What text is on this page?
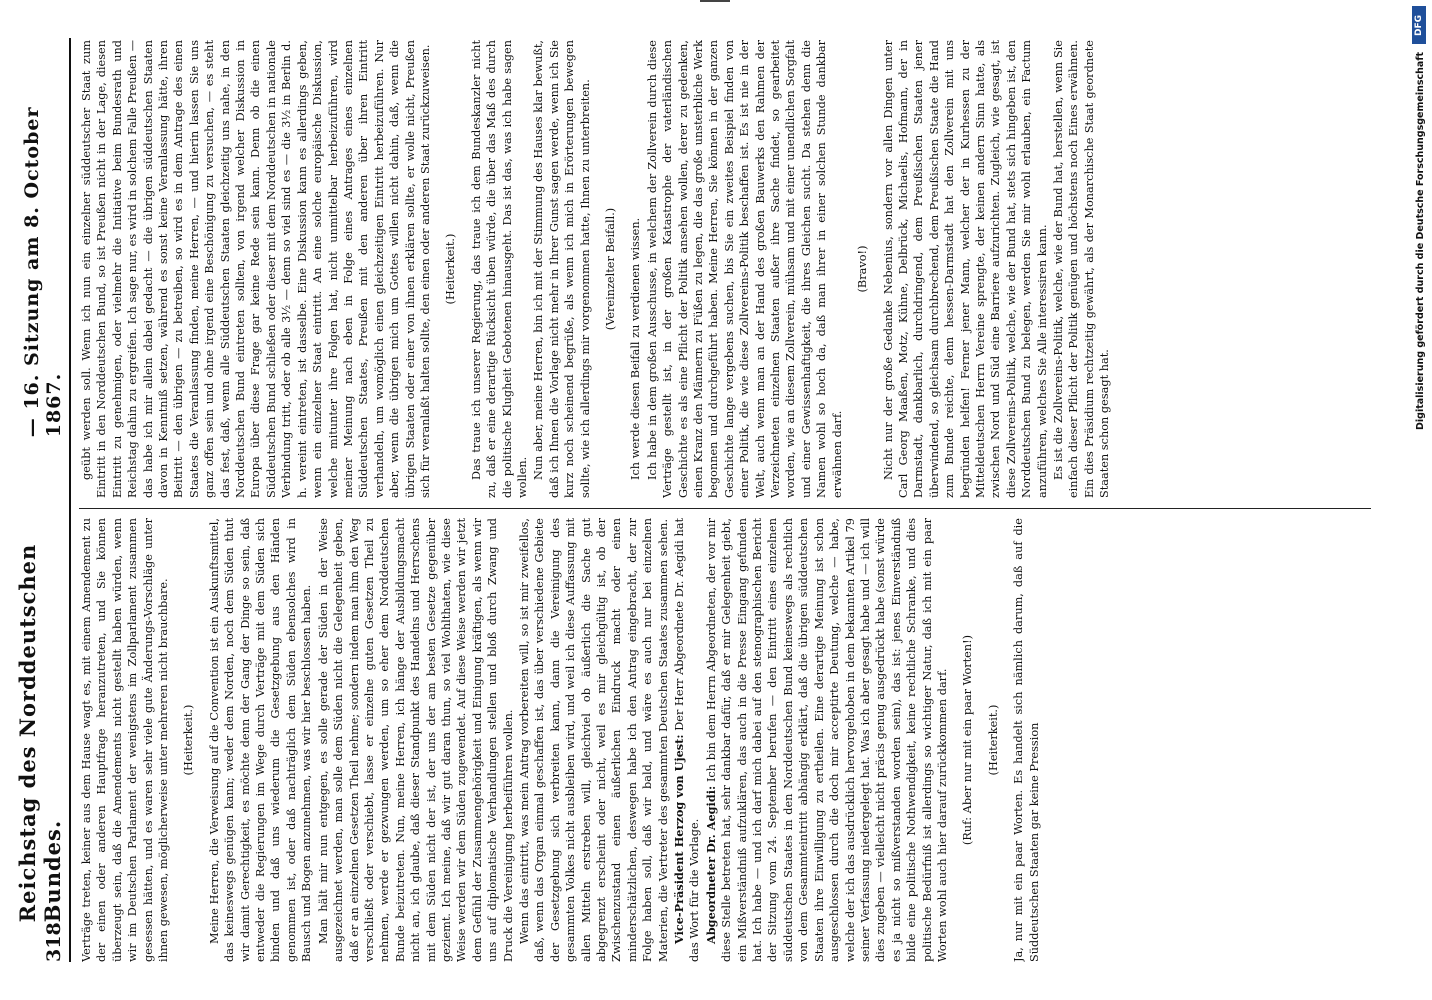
318
Reichstag des Norddeutschen Bundes.
— 16. Sitzung am 8. October 1867.

Verträge treten, keiner aus dem Hause wagt es, mit einem Amendement zu der einen oder anderen Hauptfrage heranzutreten, und Sie können überzeugt sein, daß die Amendements nicht gestellt haben würden, wenn wir im Deutschen Parlament der wenigstens im Zollparlament zusammen gesessen hätten, und es waren sehr viele gute Änderungs-Vorschläge unter ihnen gewesen, möglicherweise unter mehreren nicht brauchbare. (Heiterkeit.) Meine Herren, die Verweisung auf die Convention ist ein Auskunftsmittel, das keineswegs genügen kann; weder dem Norden, noch dem Süden thut wir damit Gerechtigkeit, es möchte denn der Gang der Dinge so sein, daß entweder die Regierungen im Wege durch Verträge mit dem Süden sich binden und daß uns wiederum die Gesetzgebung aus den Händen genommen ist, oder daß nachträglich dem Süden ebensolches wird in Bausch und Bogen anzunehmen, was wir hier beschlossen haben. Man hält mir nun entgegen, es solle gerade der Süden in der Weise ausgezeichnet werden, man solle dem Süden nicht die Gelegenheit geben, daß er an einzelnen Gesetzen Theil nehme; sondern indem man ihm den Weg verschließt oder verschiebt, lasse er einzelne guten Gesetzen Theil zu nehmen, werde er gezwungen werden, um so eher dem Norddeutschen Bunde beizutreten. Nun, meine Herren, ich hänge der Ausbildungsmacht nicht an, ich glaube, daß dieser Standpunkt des Handelns und Herrschens mit dem Süden nicht der ist, der uns der am besten Gesetze gegenüber geziemt. Ich meine, daß wir gut daran thun, so viel Wohlthaten, wie diese Weise werden wir dem Süden zugewendet. Auf diese Weise werden wir jetzt dem Gefühl der Zusammengehörigkeit und Einigung kräftigen, als wenn wir uns auf diplomatische Verhandlungen stellen und bloß durch Zwang und Druck die Vereinigung herbeiführen wollen. Wenn das eintritt, was mein Antrag vorbereiten will, so ist mir zweifellos, daß, wenn das Organ einmal geschaffen ist, das über verschiedene Gebiete der Gesetzgebung sich verbreiten kann, dann die Vereinigung des gesammten Volkes nicht ausbleiben wird, und weil ich diese Auffassung mit allen Mitteln erstreben will, gleichviel ob äußerlich die Sache gut abgegrenzt erscheint oder nicht, weil es mir gleichgültig ist, ob der Zwischenzustand einen äußerlichen Eindruck macht oder einen minderschätzlichen, deswegen habe ich den Antrag eingebracht, der zur Folge haben soll, daß wir bald, und wäre es auch nur bei einzelnen Materien, die Vertreter des gesammten Deutschen Staates zusammen sehen. Vice-Präsident Herzog von Ujest: Der Herr Abgeordnete Dr. Aegidi hat das Wort für die Vorlage. Abgeordneter Dr. Aegidi: Ich bin dem Herrn Abgeordneten, der vor mir diese Stelle betreten hat, sehr dankbar dafür, daß er mir Gelegenheit giebt, ein Mißverständniß aufzuklären, das auch in die Presse Eingang gefunden hat. Ich habe — und ich darf mich dabei auf den stenographischen Bericht der Sitzung vom 24. September berufen — den Eintritt eines einzelnen süddeutschen Staates in den Norddeutschen Bund keineswegs als rechtlich von dem Gesammteintritt abhängig erklärt, daß die übrigen süddeutschen Staaten ihre Einwilligung zu ertheilen. Eine derartige Meinung ist schon ausgeschlossen durch die doch mir acceptirte Deutung, welche — habe, welche der ich das ausdrücklich hervorgehoben in dem bekannten Artikel 79 seiner Verfassung niedergelegt hat. Was ich aber gesagt habe und — ich will dies zugeben — vielleicht nicht präcis genug ausgedrückt habe (sonst würde es ja nicht so mißverstanden worden sein), das ist: jenes Einverständniß bilde eine politische Nothwendigkeit, keine rechtliche Schranke, und dies politische Bedürfniß ist allerdings so wichtiger Natur, daß ich mit ein paar Worten wohl auch hier darauf zurückkommen darf. (Ruf: Aber nur mit ein paar Worten!) (Heiterkeit.) Ja, nur mit ein paar Worten. Es handelt sich nämlich darum, daß auf die Süddeutschen Staaten gar keine Pression

geübt werden soll. Wenn ich nun ein einzelner süddeutscher Staat zum Eintritt in den Norddeutschen Bund, so ist Preußen nicht in der Lage, diesen Eintritt zu genehmigen, oder vielmehr die Initiative beim Bundesrath und Reichstag dahin zu ergreifen. Ich sage nur, es wird in solchem Falle Preußen — das habe ich mir allein dabei gedacht — die übrigen süddeutschen Staaten davon in Kenntniß setzen, während es sonst keine Veranlassung hätte, ihren Beitritt — den übrigen — zu betreiben, so wird es in dem Antrage des einen Staates die Veranlassung finden, meine Herren, — und hierin lassen Sie uns ganz offen sein und ohne irgend eine Beschönigung zu versuchen, — es steht das fest, daß, wenn alle Süddeutschen Staaten gleichzeitig uns nahe, in den Norddeutschen Bund eintreten sollten, von irgend welcher Diskussion in Europa über diese Frage gar keine Rede sein kann. Denn ob die einen Süddeutschen Bund schließen oder dieser mit dem Norddeutschen in nationale Verbindung tritt, oder ob alle 3½ — denn so viel sind es — die 3½ in Berlin d. h. vereint eintreten, ist dasselbe. Eine Diskussion kann es allerdings geben, wenn ein einzelner Staat eintritt. An eine solche europäische Diskussion, welche mitunter ihre Folgen hat, nicht unmittelbar herbeizuführen, wird meiner Meinung nach eben in Folge eines Antrages eines einzelnen Süddeutschen Staates, Preußen mit den anderen über ihren Eintritt verhandeln, um womöglich einen gleichzeitigen Eintritt herbeizuführen. Nur aber, wenn die übrigen mich um Gottes willen nicht dahin, daß, wenn die übrigen Staaten oder einer von ihnen erklären sollte, er wolle nicht, Preußen sich für veranlaßt halten sollte, den einen oder anderen Staat zurückzuweisen. (Heiterkeit.) Das traue ich unserer Regierung, das traue ich dem Bundeskanzler nicht zu, daß er eine derartige Rücksicht üben würde, die über das Maß des durch die politische Klugheit Gebotenen hinausgeht. Das ist das, was ich habe sagen wollen. Nun aber, meine Herren, bin ich mit der Stimmung des Hauses klar bewußt, daß ich Ihnen die Vorlage nicht mehr in Ihrer Gunst sagen werde, wenn ich Sie kurz noch scheinend begrüße, als wenn ich mich in Erörterungen bewegen sollte, wie ich allerdings mir vorgenommen hatte, Ihnen zu unterbreiten. (Vereinzelter Beifall.) Ich werde diesen Beifall zu verdienen wissen. Ich habe in dem großen Ausschusse, in welchem der Zollverein durch diese Verträge gestellt ist, in der großen Katastrophe der vaterländischen Geschichte es als eine Pflicht der Politik ansehen wollen, derer zu gedenken, einen Kranz den Männern zu Füßen zu legen, die das große unsterbliche Werk begonnen und durchgeführt haben. Meine Herren, Sie können in der ganzen Geschichte lange vergebens suchen, bis Sie ein zweites Beispiel finden von einer Politik, die wie diese Zollvereins-Politik beschaffen ist. Es ist nie in der Welt, auch wenn man an der Hand des großen Bauwerks den Rahmen der Verzeichneten einzelnen Staaten außer ihre Sache findet, so gearbeitet worden, wie an diesem Zollverein, mühsam und mit einer unendlichen Sorgfalt und einer Gewissenhaftigkeit, die ihres Gleichen sucht. Da stehen denn die Namen wohl so hoch da, daß man ihrer in einer solchen Stunde dankbar erwähnen darf.

(Bravo!) Nicht nur der große Gedanke Nebenius, sondern vor allen Dingen unter Carl Georg Maaßen, Motz, Kühne, Delbrück, Michaelis, Hofmann, der in Darmstadt, dankbarlich, durchdringend, dem Preußischen Staaten jener überwindend, so gleichsam durchbrechend, dem Preußischen Staate die Hand zum Bunde reichte, denn hessen-Darmstadt hat den Zollverein mit uns begründen helfen! Ferner jener Mann, welcher der in Kurhessen zu der Mitteldeutschen Herrn Vereine sprengte, der keinen andern Sinn hatte, als zwischen Nord und Süd eine Barriere aufzurichten. Zugleich, wie gesagt, ist diese Zollvereins-Politik, welche, wie der Bund hat, stets sich hingeben ist, den Norddeutschen Bund zu belegen, werden Sie mir wohl erlauben, ein Factum anzuführen, welches Sie Alle interessiren kann. Es ist die Zollvereins-Politik, welche, wie der Bund hat, herstellen, wenn Sie einfach dieser Pflicht der Politik genügen und höchstens noch Eines erwähnen. Ein dies Präsidium rechtzeitig gewährt, als der Monarchische Staat geordnete Staaten schon gesagt hat.

DFG
Digitalisierung gefördert durch die Deutsche Forschungsgemeinschaft
